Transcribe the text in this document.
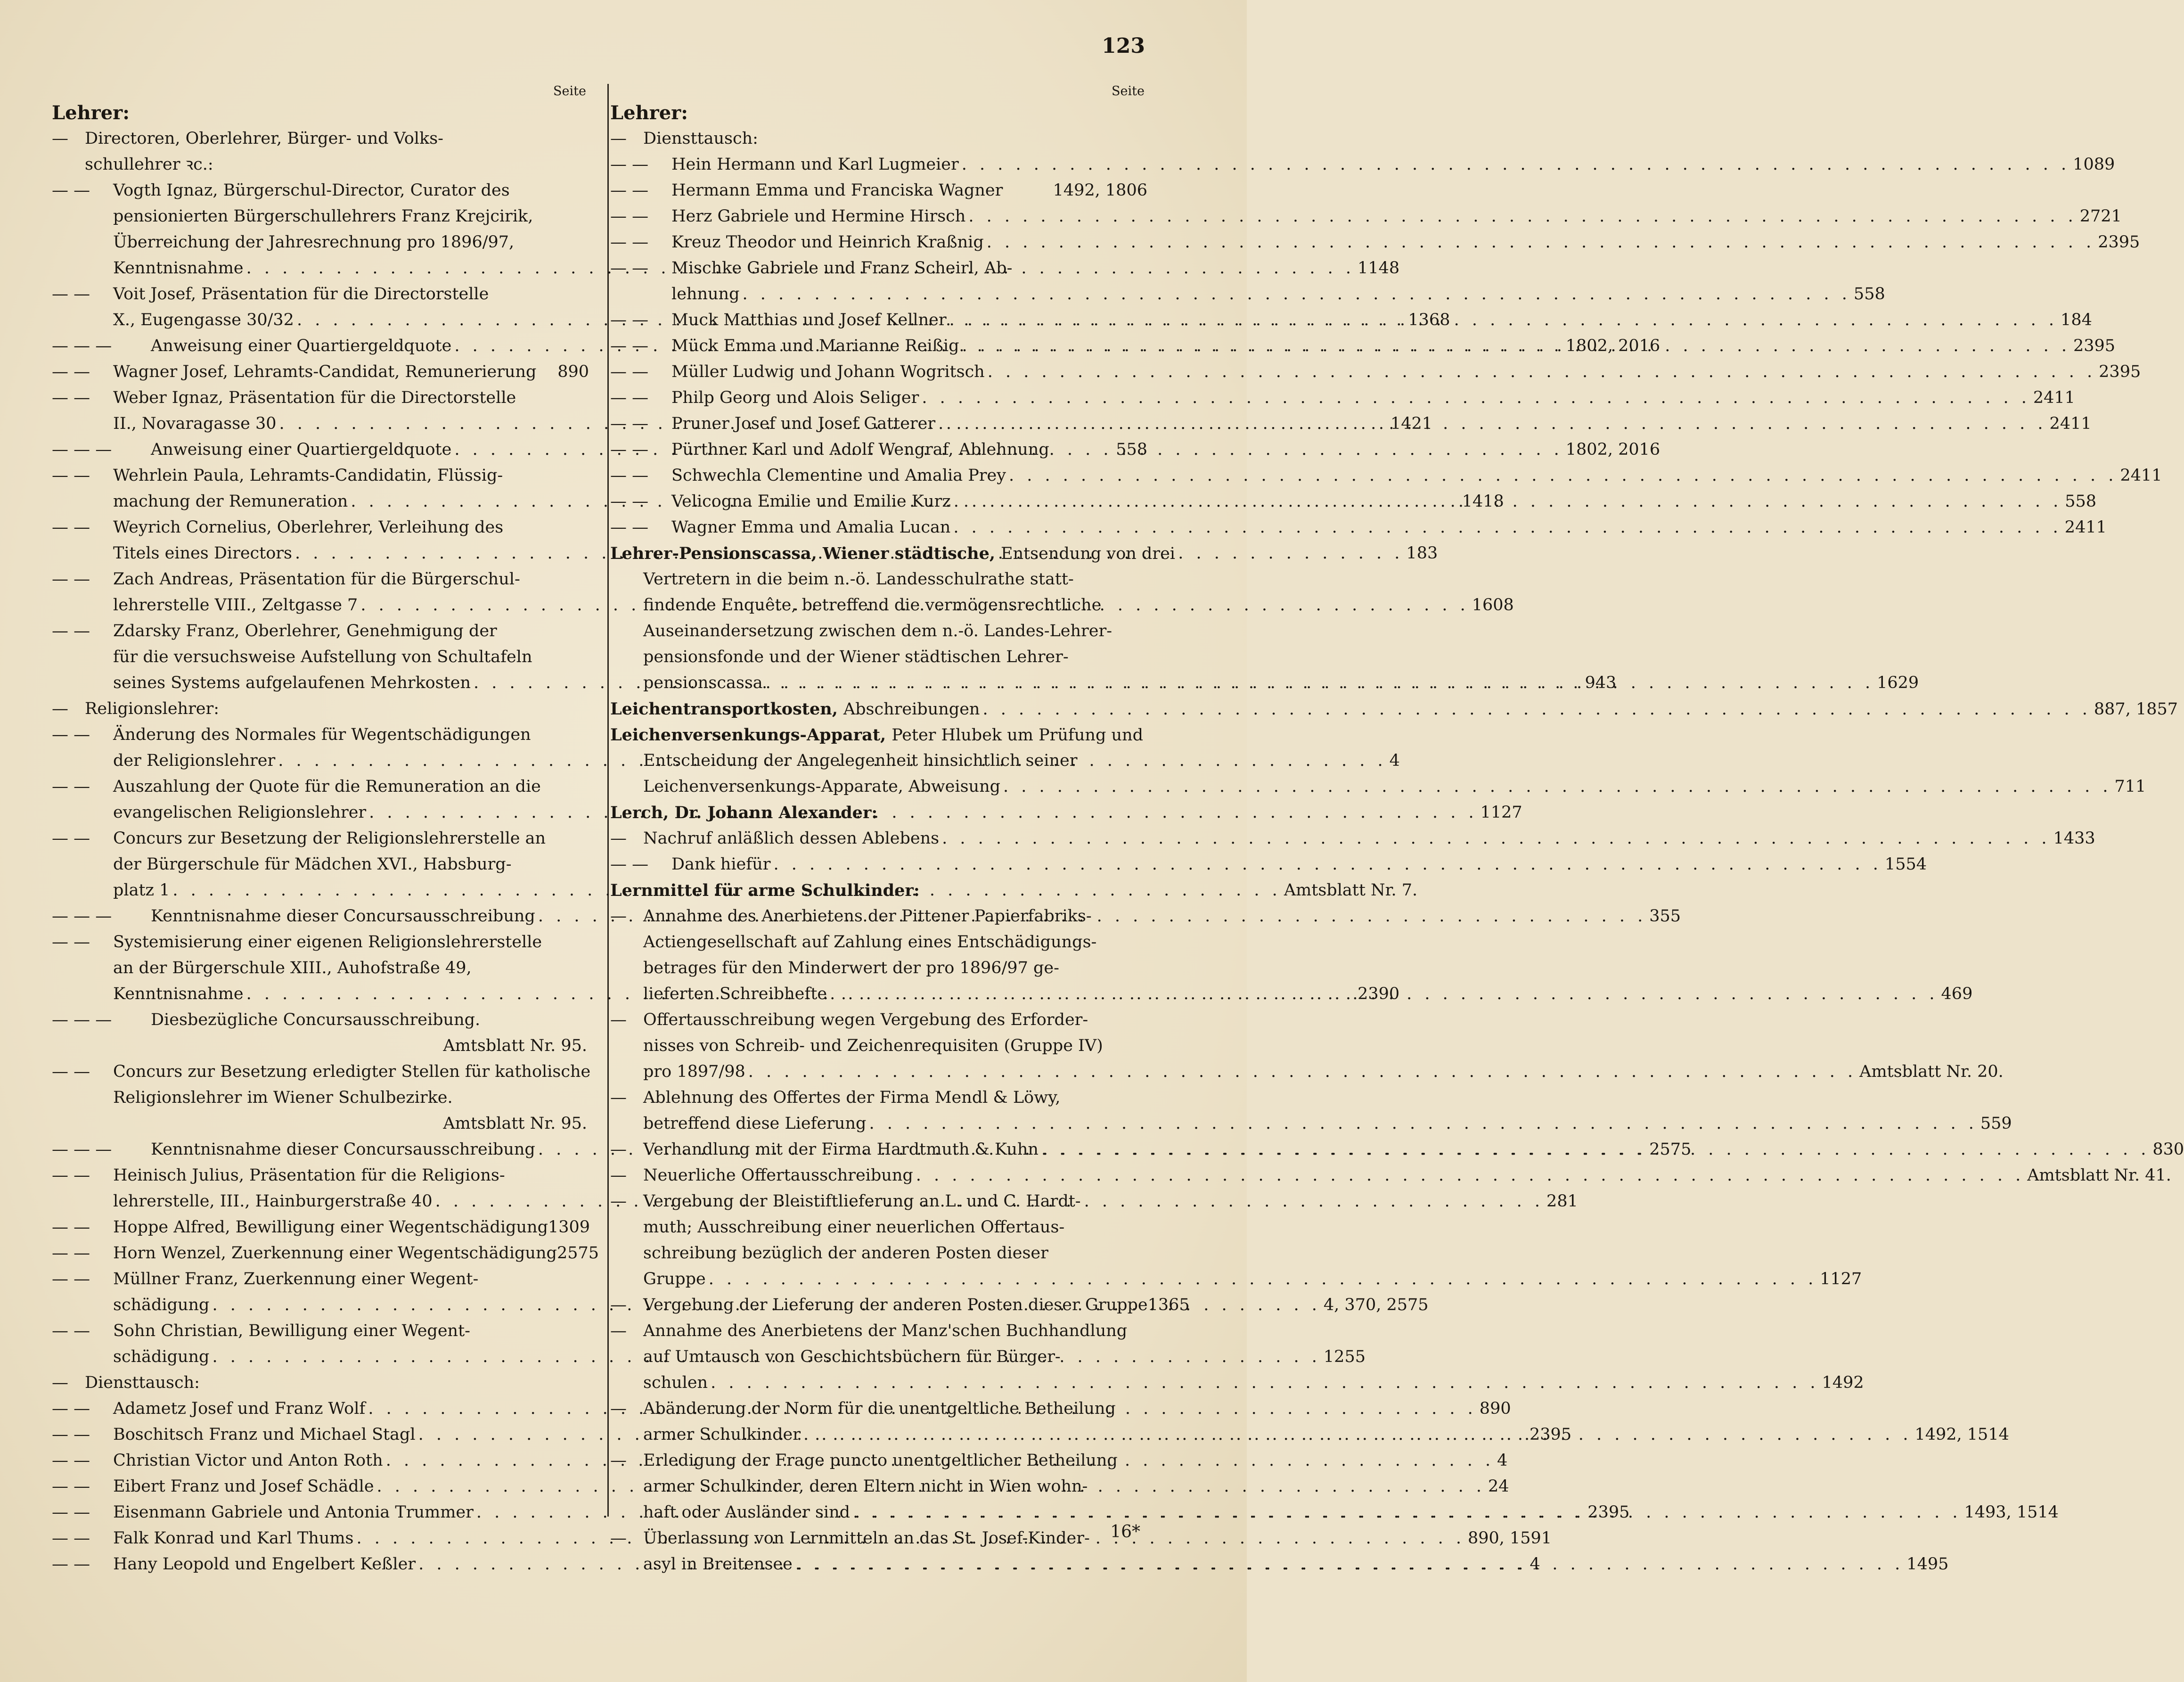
123
Seite
Lehrer:
— Directoren, Oberlehrer, Bürger- und Volks-
schullehrer ꝛc.:
— —	Vogth Ignaz, Bürgerschul-Director, Curator des
pensionierten Bürgerschullehrers Franz Krejcirik,
Überreichung der Jahresrechnung pro 1896/97,
Kenntnisnahme . . .	1148
— —	Voit Josef, Präsentation für die Directorstelle
X., Eugengasse 30/32 . . .	1368
— — — Anweisung einer Quartiergeldquote . . .	1802, 2016
— — Wagner Josef, Lehramts-Candidat, Remunerierung 890
— —	Weber Ignaz, Präsentation für die Directorstelle
II., Novaragasse 30 . . .	1421
— — — Anweisung einer Quartiergeldquote . . .	1802, 2016
— —	Wehrlein Paula, Lehramts-Candidatin, Flüssig-
machung der Remuneration . . .	1418
— —	Weyrich Cornelius, Oberlehrer, Verleihung des
Titels eines Directors . . .	183
— —	Zach Andreas, Präsentation für die Bürgerschul-
lehrerstelle VIII., Zeltgasse 7 . . .	1608
— —	Zdarsky Franz, Oberlehrer, Genehmigung der
für die versuchsweise Aufstellung von Schultafeln
seines Systems aufgelaufenen Mehrkosten . . .	943
— Religionslehrer:
— —	Änderung des Normales für Wegentschädigungen
der Religionslehrer . . .	4
— —	Auszahlung der Quote für die Remuneration an die
evangelischen Religionslehrer . . .	1127
— —	Concurs zur Besetzung der Religionslehrerstelle an
der Bürgerschule für Mädchen XVI., Habsburg-
platz 1 . . .	Amtsblatt Nr. 7.
— — — Kenntnisnahme dieser Concursausschreibung . . .	355
— —	Systemisierung einer eigenen Religionslehrerstelle
an der Bürgerschule XIII., Auhofstraße 49,
Kenntnisnahme . . .	2390
— — —	Diesbezügliche Concursausschreibung.
Amtsblatt Nr. 95.
— —	Concurs zur Besetzung erledigter Stellen für katholische
Religionslehrer im Wiener Schulbezirke.
Amtsblatt Nr. 95.
— — — Kenntnisnahme dieser Concursausschreibung . . .	2575
— —	Heinisch Julius, Präsentation für die Religions-
lehrerstelle, III., Hainburgerstraße 40 . . .	281
— — Hoppe Alfred, Bewilligung einer Wegentschädigung 1309
— — Horn Wenzel, Zuerkennung einer Wegentschädigung 2575
— —	Müllner Franz, Zuerkennung einer Wegent-
schädigung . . .	4, 370, 2575
— —	Sohn Christian, Bewilligung einer Wegent-
schädigung . . .	1255
— Diensttausch:
— — Adametz Josef und Franz Wolf . . .	890
— — Boschitsch Franz und Michael Stagl . . .	2395
— — Christian Victor und Anton Roth . . .	4
— — Eibert Franz und Josef Schädle . . .	24
— — Eisenmann Gabriele und Antonia Trummer . . .	2395
— — Falk Konrad und Karl Thums . . .	890, 1591
— — Hany Leopold und Engelbert Keßler . . .	4
Seite
Lehrer:
— Diensttausch:
— — Hein Hermann und Karl Lugmeier . . .	1089
— — Hermann Emma und Franciska Wagner	1492, 1806
— — Herz Gabriele und Hermine Hirsch . . .	2721
— — Kreuz Theodor und Heinrich Kraßnig . . .	2395
— —	Mischke Gabriele und Franz Scheirl, Ab-
lehnung . . .	558
— — Muck Matthias und Josef Kellner . . .	184
— — Mück Emma und Marianne Reißig . . .	2395
— — Müller Ludwig und Johann Wogritsch . . .	2395
— — Philp Georg und Alois Seliger . . .	2411
— — Pruner Josef und Josef Gatterer . . .	2411
— — Pürthner Karl und Adolf Wengraf, Ablehnung	558
— — Schwechla Clementine und Amalia Prey . . .	2411
— — Velicogna Emilie und Emilie Kurz . . .	558
— — Wagner Emma und Amalia Lucan . . .	2411
Lehrer-Pensionscassa, Wiener städtische, Entsendung von drei
Vertretern in die beim n.-ö. Landesschulrathe statt-
findende Enquête, betreffend die vermögensrechtliche
Auseinandersetzung zwischen dem n.-ö. Landes-Lehrer-
pensionsfonde und der Wiener städtischen Lehrer-
pensionscassa . . .	1629
Leichentransportkosten, Abschreibungen . . .	887, 1857
Leichenversenkungs-Apparat, Peter Hlubek um Prüfung und
Entscheidung der Angelegenheit hinsichtlich seiner
Leichenversenkungs-Apparate, Abweisung . . .	711
Lerch, Dr. Johann Alexander:
— Nachruf anläßlich dessen Ablebens . . .	1433
— — Dank hiefür . . .	1554
Lernmittel für arme Schulkinder:
— Annahme des Anerbietens der Pittener Papierfabriks-
Actiengesellschaft auf Zahlung eines Entschädigungs-
betrages für den Minderwert der pro 1896/97 ge-
lieferten Schreibhefte . . .	469
— Offertausschreibung wegen Vergebung des Erforder-
nisses von Schreib- und Zeichenrequisiten (Gruppe IV)
pro 1897/98 . . .	Amtsblatt Nr. 20.
— Ablehnung des Offertes der Firma Mendl & Löwy,
betreffend diese Lieferung . . .	559
— Verhandlung mit der Firma Hardtmuth & Kuhn . . .	830
— Neuerliche Offertausschreibung . . .	Amtsblatt Nr. 41.
— Vergebung der Bleistiftlieferung an L. und C. Hardt-
muth; Ausschreibung einer neuerlichen Offertaus-
schreibung bezüglich der anderen Posten dieser
Gruppe . . .	1127
— Vergebung der Lieferung der anderen Posten dieser Gruppe 1365
— Annahme des Anerbietens der Manz'schen Buchhandlung
auf Umtausch von Geschichtsbüchern für Bürger-
schulen . . .	1492
— Abänderung der Norm für die unentgeltliche Betheilung
armer Schulkinder . . .	1492, 1514
— Erledigung der Frage puncto unentgeltlicher Betheilung
armer Schulkinder, deren Eltern nicht in Wien wohn-
haft oder Ausländer sind . . .	1493, 1514
— Überlassung von Lernmitteln an das St. Josef-Kinder-
asyl in Breitensee . . .	1495
16*
